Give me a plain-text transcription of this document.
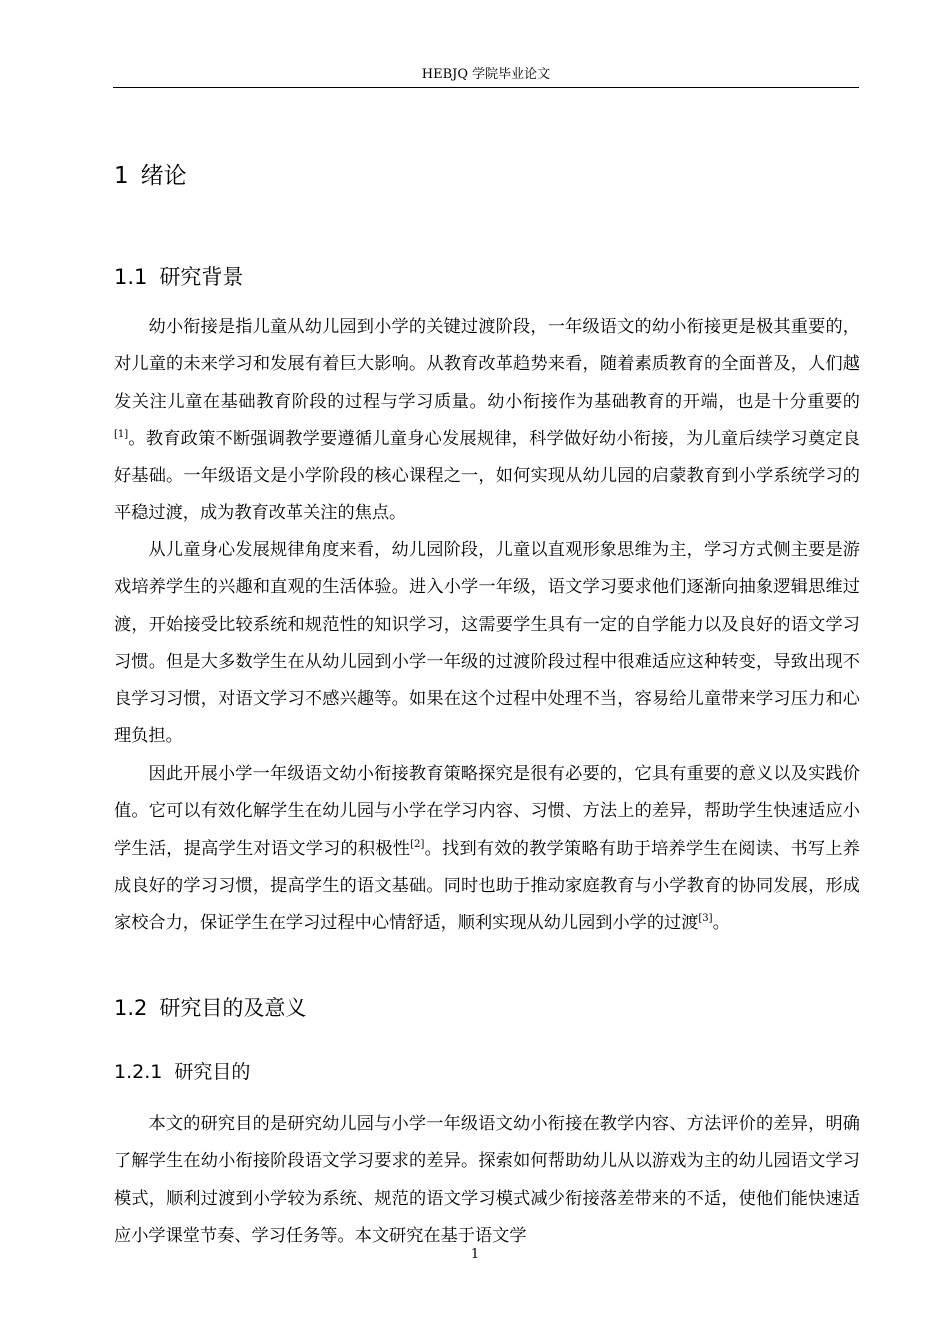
HEBJQ 学院毕业论文
1 绪论
1.1 研究背景

幼小衔接是指儿童从幼儿园到小学的关键过渡阶段，一年级语文的幼小衔接更是极其重要的，对儿童的未来学习和发展有着巨大影响。从教育改革趋势来看，随着素质教育的全面普及，人们越发关注儿童在基础教育阶段的过程与学习质量。幼小衔接作为基础教育的开端，也是十分重要的[1]。教育政策不断强调教学要遵循儿童身心发展规律，科学做好幼小衔接，为儿童后续学习奠定良好基础。一年级语文是小学阶段的核心课程之一，如何实现从幼儿园的启蒙教育到小学系统学习的平稳过渡，成为教育改革关注的焦点。

从儿童身心发展规律角度来看，幼儿园阶段，儿童以直观形象思维为主，学习方式侧主要是游戏培养学生的兴趣和直观的生活体验。进入小学一年级，语文学习要求他们逐渐向抽象逻辑思维过渡，开始接受比较系统和规范性的知识学习，这需要学生具有一定的自学能力以及良好的语文学习习惯。但是大多数学生在从幼儿园到小学一年级的过渡阶段过程中很难适应这种转变，导致出现不良学习习惯，对语文学习不感兴趣等。如果在这个过程中处理不当，容易给儿童带来学习压力和心理负担。

因此开展小学一年级语文幼小衔接教育策略探究是很有必要的，它具有重要的意义以及实践价值。它可以有效化解学生在幼儿园与小学在学习内容、习惯、方法上的差异，帮助学生快速适应小学生活，提高学生对语文学习的积极性[2]。找到有效的教学策略有助于培养学生在阅读、书写上养成良好的学习习惯，提高学生的语文基础。同时也助于推动家庭教育与小学教育的协同发展，形成家校合力，保证学生在学习过程中心情舒适，顺利实现从幼儿园到小学的过渡[3]。

1.2 研究目的及意义
1.2.1 研究目的

本文的研究目的是研究幼儿园与小学一年级语文幼小衔接在教学内容、方法评价的差异，明确了解学生在幼小衔接阶段语文学习要求的差异。探索如何帮助幼儿从以游戏为主的幼儿园语文学习模式，顺利过渡到小学较为系统、规范的语文学习模式减少衔接落差带来的不适，使他们能快速适应小学课堂节奏、学习任务等。本文研究在基于语文学

1
